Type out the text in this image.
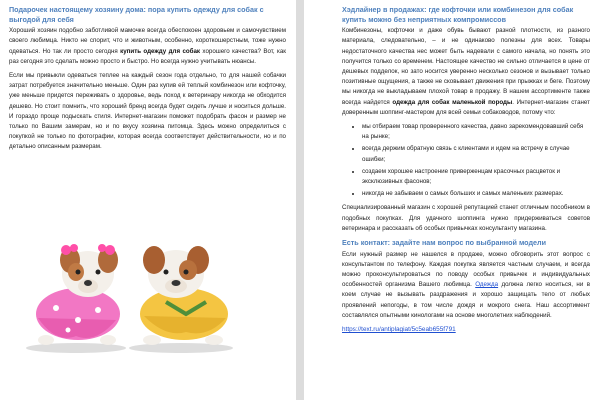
Подарочек настоящему хозяину дома: пора купить одежду для собак с выгодой для себя

Хороший хозяин подобно заботливой мамочке всегда обеспокоен здоровьем и самочувствием своего любимца. Никто не спорит, что и животным, особенно, короткошерстным, тоже нужно одеваться. Но так ли просто сегодня купить одежду для собак хорошего качества? Вот, как раз сегодня это сделать можно просто и быстро. Но всегда нужно учитывать нюансы.

Если мы привыкли одеваться теплее на каждый сезон года отдельно, то для нашей собачки затрат потребуется значительно меньше. Один раз купив ей теплый комбинезон или кофточку, уже меньше придется переживать о здоровье, ведь поход к ветеринару никогда не обходится дешево. Но стоит помнить, что хороший бренд всегда будет сидеть лучше и носиться дольше. И гораздо проще подыскать стиля. Интернет-магазин поможет подобрать фасон и размер не только по Вашим замерам, но и по вкусу хозяина питомца. Здесь можно определиться с покупкой не только по фотографии, которая всегда соответствует действительности, но и по детально описанным размерам.

Хэдлайнер в продажах: где кофточки или комбинезон для собак купить можно без неприятных компромиссов

Комбинезоны, кофточки и даже обувь бывают разной плотности, из разного материала, следовательно, – и не одинаково полезны для всех. Товары недостаточного качества нес может быть надевали с самого начала, но понять это получится только со временем. Настоящее качество не сильно отличается в цене от дешевых подделок, но зато носится уверенно несколько сезонов и вызывает только позитивные ощущения, а также не сковывает движения при прыжках и беге. Поэтому мы никогда не выкладываем плохой товар в продажу. В нашем ассортименте также всегда найдется одежда для собак маленькой породы. Интернет-магазин станет доверенным шоппинг-мастером для всей семьи собаководов, потому что:

• мы отбираем товар проверенного качества, давно зарекомендовавший себя на рынке;
• всегда держим обратную связь с клиентами и идем на встречу в случае ошибки;
• создаем хорошее настроение приверженцам красочных расцветок и эксклюзивных фасонов;
• никогда не забываем о самых больших и самых маленьких размерах.

Специализированный магазин с хорошей репутацией станет отличным пособником в подобных покупках. Для удачного шоппинга нужно придерживаться советов ветеринара и рассказать об особых привычках консультанту магазина.

Есть контакт: задайте нам вопрос по выбранной модели

Если нужный размер не нашелся в продаже, можно обговорить этот вопрос с консультантом по телефону. Каждая покупка является частным случаем, и всегда можно проконсультироваться по поводу особых привычек и индивидуальных особенностей организма Вашего любимца. Одежда должна легко носиться, ни в коем случае не вызывать раздражения и хорошо защищать тело от любых проявлений непогоды, в том числе дождя и мокрого снега. Наш ассортимент составлялся опытными кинологами на основе многолетних наблюдений.

https://text.ru/antiplagiat/5c5eab655f791
